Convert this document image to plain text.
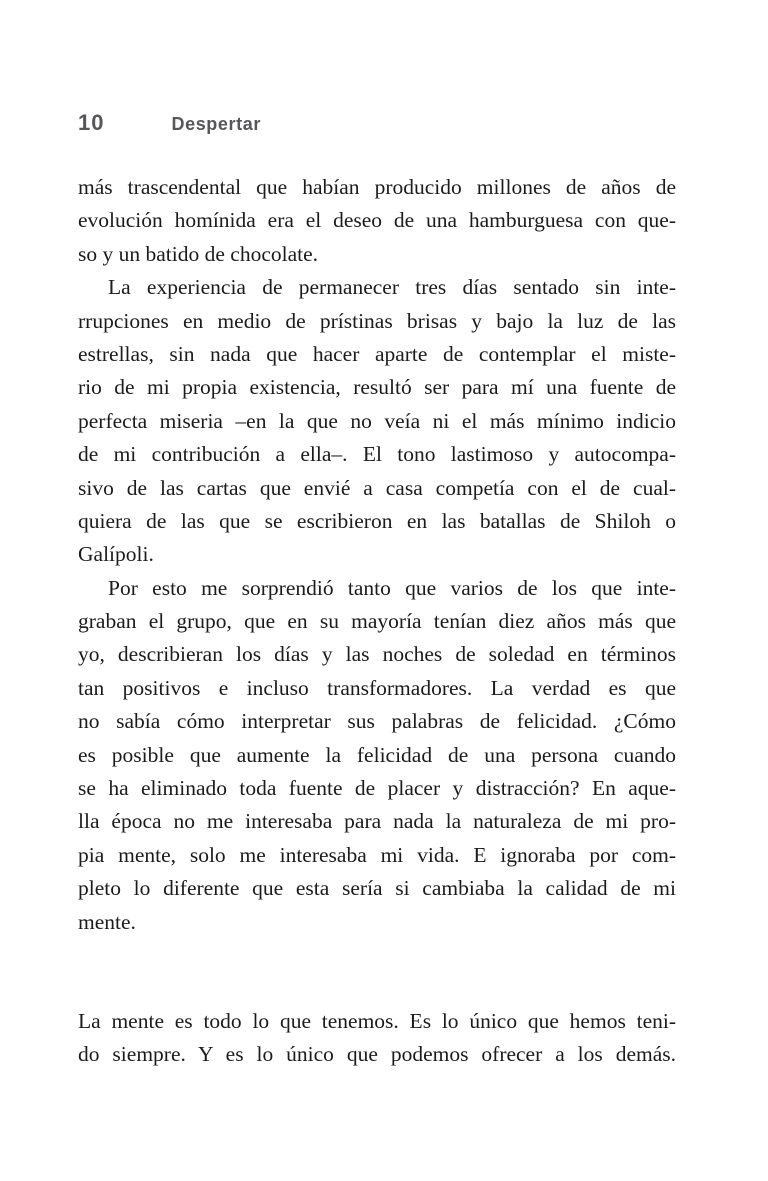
10	Despertar
más trascendental que habían producido millones de años de
evolución homínida era el deseo de una hamburguesa con que-
so y un batido de chocolate.
La experiencia de permanecer tres días sentado sin inte-
rrupciones en medio de prístinas brisas y bajo la luz de las
estrellas, sin nada que hacer aparte de contemplar el miste-
rio de mi propia existencia, resultó ser para mí una fuente de
perfecta miseria –en la que no veía ni el más mínimo indicio
de mi contribución a ella–. El tono lastimoso y autocompa-
sivo de las cartas que envié a casa competía con el de cual-
quiera de las que se escribieron en las batallas de Shiloh o
Galípoli.
Por esto me sorprendió tanto que varios de los que inte-
graban el grupo, que en su mayoría tenían diez años más que
yo, describieran los días y las noches de soledad en términos
tan positivos e incluso transformadores. La verdad es que
no sabía cómo interpretar sus palabras de felicidad. ¿Cómo
es posible que aumente la felicidad de una persona cuando
se ha eliminado toda fuente de placer y distracción? En aque-
lla época no me interesaba para nada la naturaleza de mi pro-
pia mente, solo me interesaba mi vida. E ignoraba por com-
pleto lo diferente que esta sería si cambiaba la calidad de mi
mente.
La mente es todo lo que tenemos. Es lo único que hemos teni-
do siempre. Y es lo único que podemos ofrecer a los demás.
